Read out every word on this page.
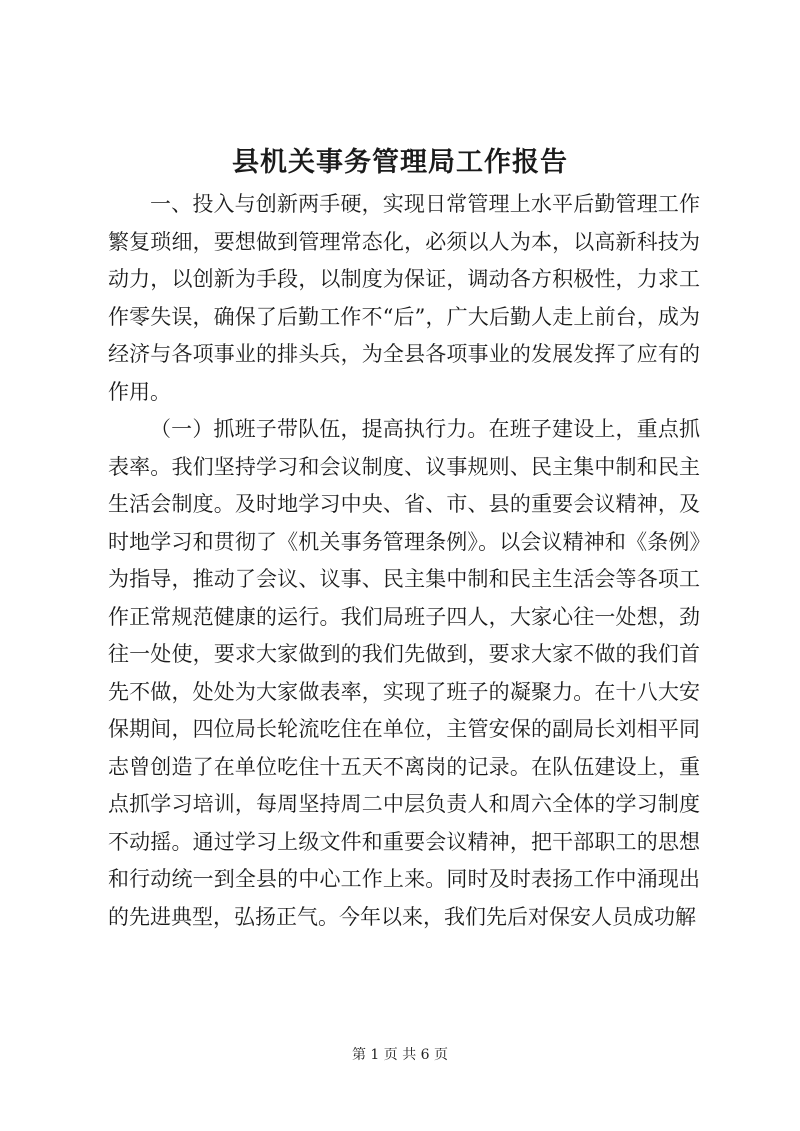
县机关事务管理局工作报告

一、投入与创新两手硬，实现日常管理上水平后勤管理工作繁复琐细，要想做到管理常态化，必须以人为本，以高新科技为动力，以创新为手段，以制度为保证，调动各方积极性，力求工作零失误，确保了后勤工作不“后”，广大后勤人走上前台，成为经济与各项事业的排头兵，为全县各项事业的发展发挥了应有的作用。

（一）抓班子带队伍，提高执行力。在班子建设上，重点抓表率。我们坚持学习和会议制度、议事规则、民主集中制和民主生活会制度。及时地学习中央、省、市、县的重要会议精神，及时地学习和贯彻了《机关事务管理条例》。以会议精神和《条例》为指导，推动了会议、议事、民主集中制和民主生活会等各项工作正常规范健康的运行。我们局班子四人，大家心往一处想，劲往一处使，要求大家做到的我们先做到，要求大家不做的我们首先不做，处处为大家做表率，实现了班子的凝聚力。在十八大安保期间，四位局长轮流吃住在单位，主管安保的副局长刘相平同志曾创造了在单位吃住十五天不离岗的记录。在队伍建设上，重点抓学习培训，每周坚持周二中层负责人和周六全体的学习制度不动摇。通过学习上级文件和重要会议精神，把干部职工的思想和行动统一到全县的中心工作上来。同时及时表扬工作中涌现出的先进典型，弘扬正气。今年以来，我们先后对保安人员成功解

第 1 页 共 6 页
